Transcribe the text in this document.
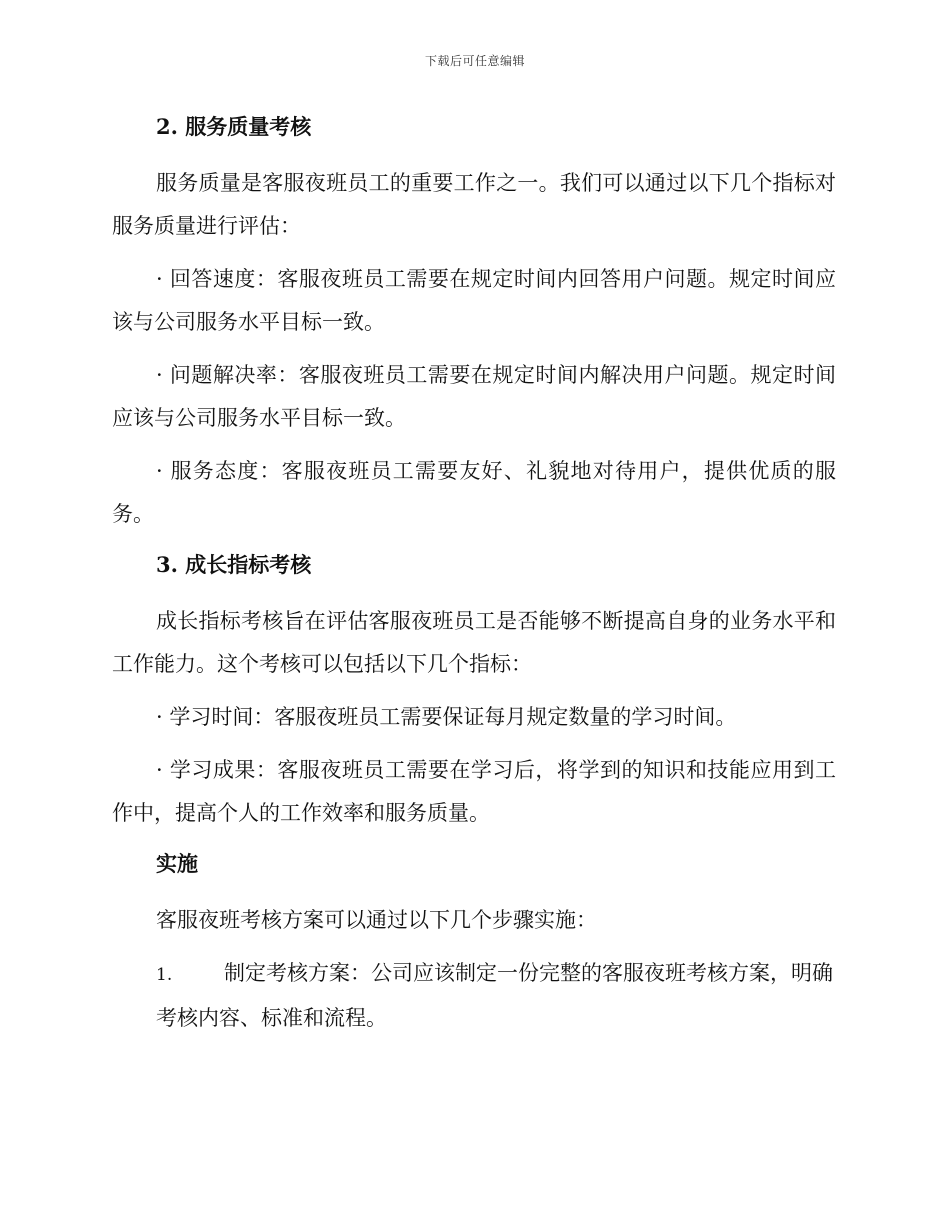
下载后可任意编辑
2. 服务质量考核

服务质量是客服夜班员工的重要工作之一。我们可以通过以下几个指标对服务质量进行评估：

· 回答速度：客服夜班员工需要在规定时间内回答用户问题。规定时间应该与公司服务水平目标一致。

· 问题解决率：客服夜班员工需要在规定时间内解决用户问题。规定时间应该与公司服务水平目标一致。

· 服务态度：客服夜班员工需要友好、礼貌地对待用户，提供优质的服务。

3. 成长指标考核

成长指标考核旨在评估客服夜班员工是否能够不断提高自身的业务水平和工作能力。这个考核可以包括以下几个指标：

· 学习时间：客服夜班员工需要保证每月规定数量的学习时间。

· 学习成果：客服夜班员工需要在学习后，将学到的知识和技能应用到工作中，提高个人的工作效率和服务质量。

实施

客服夜班考核方案可以通过以下几个步骤实施：

1. 制定考核方案：公司应该制定一份完整的客服夜班考核方案，明确考核内容、标准和流程。
